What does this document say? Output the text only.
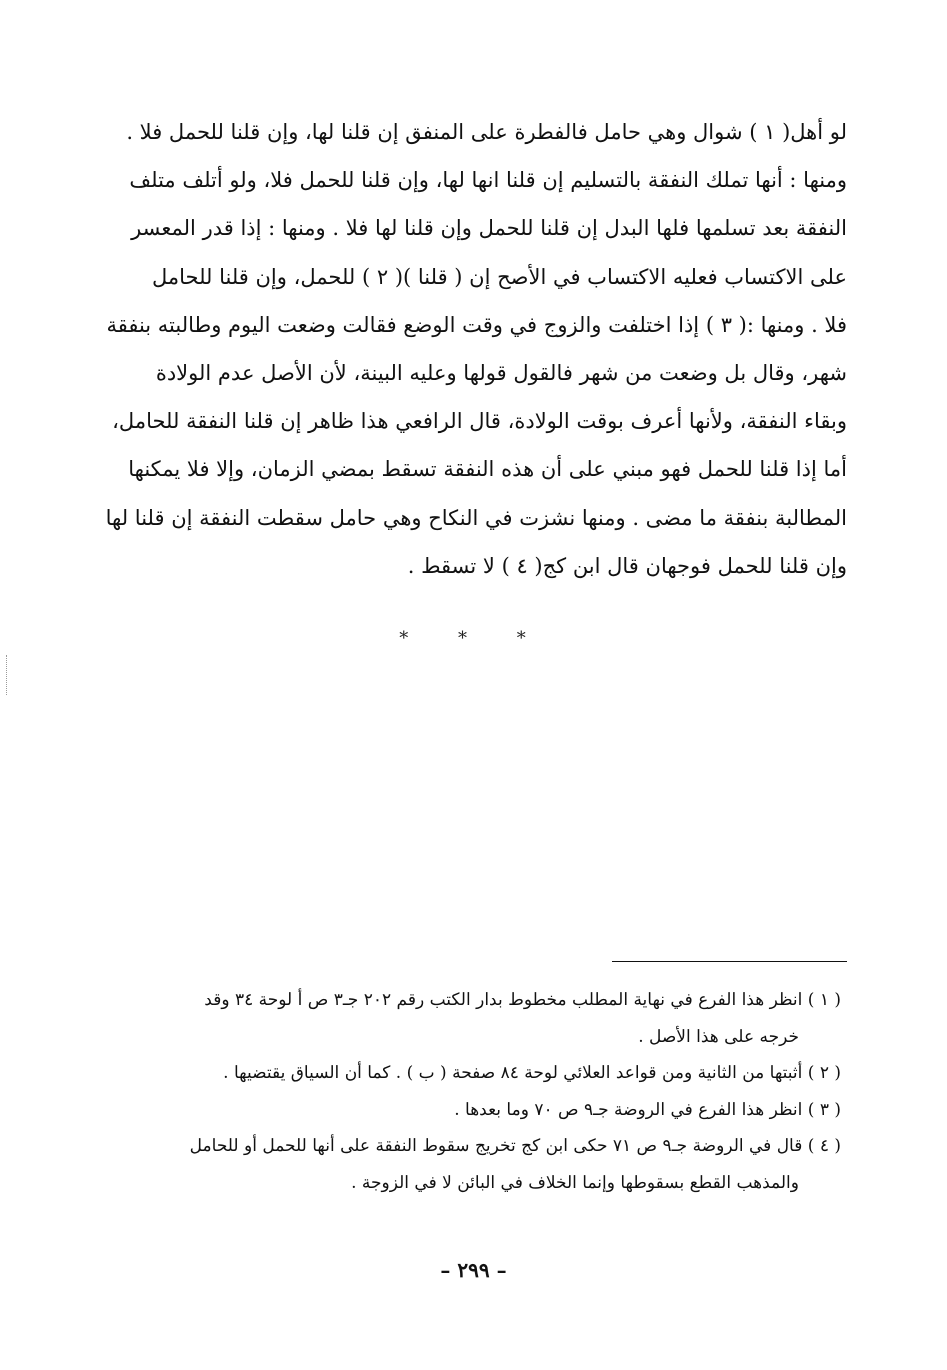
لو أهل( ١ ) شوال وهي حامل فالفطرة على المنفق إن قلنا لها، وإن قلنا للحمل فلا .
ومنها : أنها تملك النفقة بالتسليم إن قلنا انها لها، وإن قلنا للحمل فلا، ولو أتلف متلف
النفقة بعد تسلمها فلها البدل إن قلنا للحمل وإن قلنا لها فلا . ومنها : إذا قدر المعسر
على الاكتساب فعليه الاكتساب في الأصح إن ( قلنا )( ٢ ) للحمل، وإن قلنا للحامل
فلا . ومنها :( ٣ ) إذا اختلفت والزوج في وقت الوضع فقالت وضعت اليوم وطالبته بنفقة
شهر، وقال بل وضعت من شهر فالقول قولها وعليه البينة، لأن الأصل عدم الولادة
وبقاء النفقة، ولأنها أعرف بوقت الولادة، قال الرافعي هذا ظاهر إن قلنا النفقة للحامل،
أما إذا قلنا للحمل فهو مبني على أن هذه النفقة تسقط بمضي الزمان، وإلا فلا يمكنها
المطالبة بنفقة ما مضى . ومنها نشزت في النكاح وهي حامل سقطت النفقة إن قلنا لها
وإن قلنا للحمل فوجهان قال ابن كج( ٤ ) لا تسقط .
* * *
( ١ ) انظر هذا الفرع في نهاية المطلب مخطوط بدار الكتب رقم ٢٠٢ جـ٣ ص أ لوحة ٣٤ وقد
خرجه على هذا الأصل .
( ٢ ) أثبتها من الثانية ومن قواعد العلائي لوحة ٨٤ صفحة ( ب ) . كما أن السياق يقتضيها .
( ٣ ) انظر هذا الفرع في الروضة جـ٩ ص ٧٠ وما بعدها .
( ٤ ) قال في الروضة جـ٩ ص ٧١ حكى ابن كج تخريج سقوط النفقة على أنها للحمل أو للحامل
والمذهب القطع بسقوطها وإنما الخلاف في البائن لا في الزوجة .
– ٢٩٩ –
